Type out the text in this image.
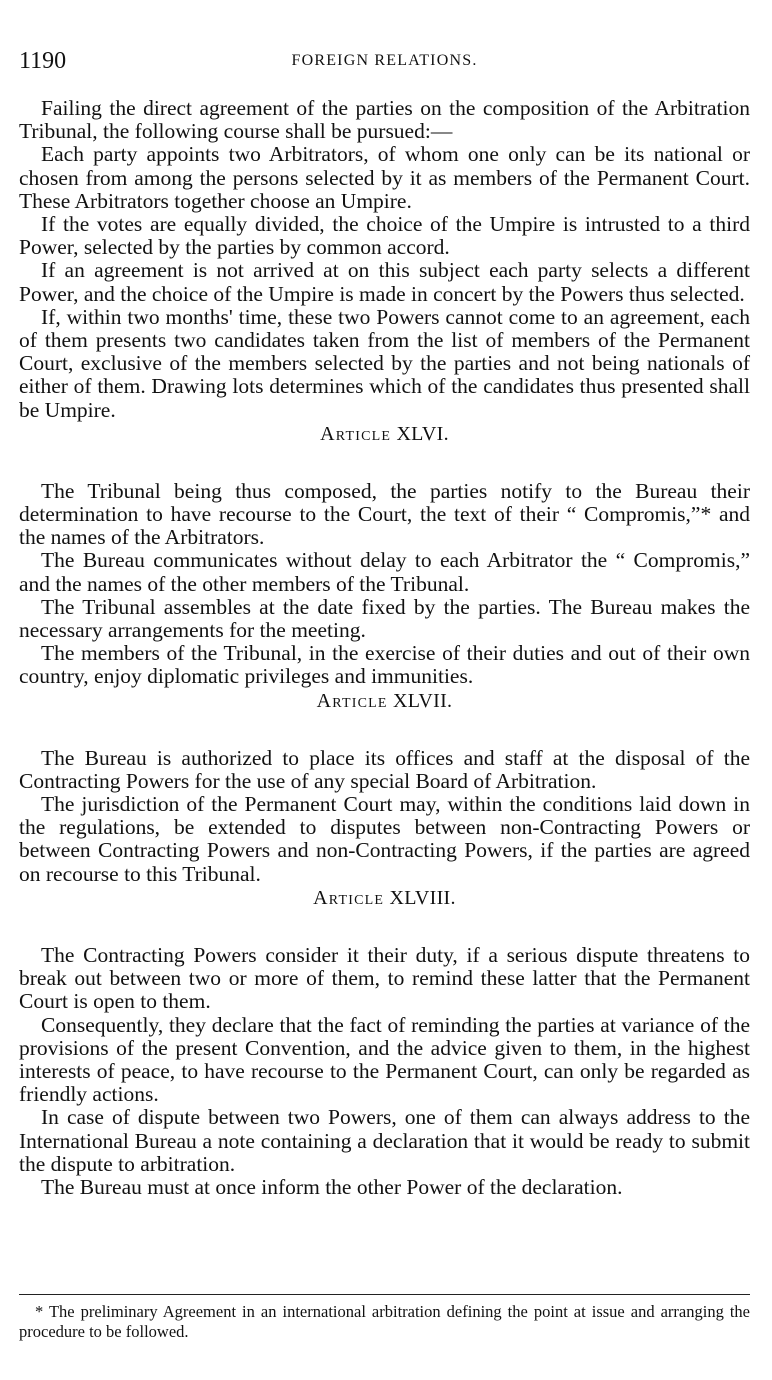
1190	FOREIGN RELATIONS.

Failing the direct agreement of the parties on the composition of the Arbitration Tribunal, the following course shall be pursued:—

Each party appoints two Arbitrators, of whom one only can be its national or chosen from among the persons selected by it as members of the Permanent Court. These Arbitrators together choose an Umpire.

If the votes are equally divided, the choice of the Umpire is intrusted to a third Power, selected by the parties by common accord.

If an agreement is not arrived at on this subject each party selects a different Power, and the choice of the Umpire is made in concert by the Powers thus selected.

If, within two months' time, these two Powers cannot come to an agreement, each of them presents two candidates taken from the list of members of the Permanent Court, exclusive of the members selected by the parties and not being nationals of either of them. Drawing lots determines which of the candidates thus presented shall be Umpire.

Article XLVI.

The Tribunal being thus composed, the parties notify to the Bureau their determination to have recourse to the Court, the text of their “ Compromis,”* and the names of the Arbitrators.

The Bureau communicates without delay to each Arbitrator the “ Compromis,” and the names of the other members of the Tribunal.

The Tribunal assembles at the date fixed by the parties. The Bureau makes the necessary arrangements for the meeting.

The members of the Tribunal, in the exercise of their duties and out of their own country, enjoy diplomatic privileges and immunities.

Article XLVII.

The Bureau is authorized to place its offices and staff at the disposal of the Contracting Powers for the use of any special Board of Arbitration.

The jurisdiction of the Permanent Court may, within the conditions laid down in the regulations, be extended to disputes between non-Contracting Powers or between Contracting Powers and non-Contracting Powers, if the parties are agreed on recourse to this Tribunal.

Article XLVIII.

The Contracting Powers consider it their duty, if a serious dispute threatens to break out between two or more of them, to remind these latter that the Permanent Court is open to them.

Consequently, they declare that the fact of reminding the parties at variance of the provisions of the present Convention, and the advice given to them, in the highest interests of peace, to have recourse to the Permanent Court, can only be regarded as friendly actions.

In case of dispute between two Powers, one of them can always address to the International Bureau a note containing a declaration that it would be ready to submit the dispute to arbitration.

The Bureau must at once inform the other Power of the declaration.

* The preliminary Agreement in an international arbitration defining the point at issue and arranging the procedure to be followed.
